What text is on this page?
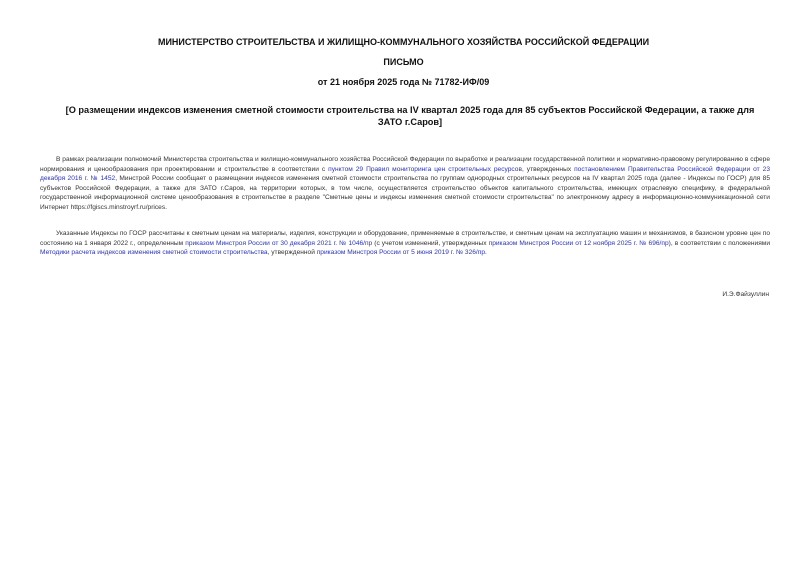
МИНИСТЕРСТВО СТРОИТЕЛЬСТВА И ЖИЛИЩНО-КОММУНАЛЬНОГО ХОЗЯЙСТВА РОССИЙСКОЙ ФЕДЕРАЦИИ
ПИСЬМО
от 21 ноября 2025 года № 71782-ИФ/09
[О размещении индексов изменения сметной стоимости строительства на IV квартал 2025 года для 85 субъектов Российской Федерации, а также для ЗАТО г.Саров]
В рамках реализации полномочий Министерства строительства и жилищно-коммунального хозяйства Российской Федерации по выработке и реализации государственной политики и нормативно-правовому регулированию в сфере нормирования и ценообразования при проектировании и строительстве в соответствии с пунктом 29 Правил мониторинга цен строительных ресурсов, утвержденных постановлением Правительства Российской Федерации от 23 декабря 2016 г. № 1452, Минстрой России сообщает о размещении индексов изменения сметной стоимости строительства по группам однородных строительных ресурсов на IV квартал 2025 года (далее - Индексы по ГОСР) для 85 субъектов Российской Федерации, а также для ЗАТО г.Саров, на территории которых, в том числе, осуществляется строительство объектов капитального строительства, имеющих отраслевую специфику, в федеральной государственной информационной системе ценообразования в строительстве в разделе "Сметные цены и индексы изменения сметной стоимости строительства" по электронному адресу в информационно-коммуникационной сети Интернет https://fgiscs.minstroyrf.ru/prices.
Указанные Индексы по ГОСР рассчитаны к сметным ценам на материалы, изделия, конструкции и оборудование, применяемые в строительстве, и сметным ценам на эксплуатацию машин и механизмов, в базисном уровне цен по состоянию на 1 января 2022 г., определенным приказом Минстроя России от 30 декабря 2021 г. № 1046/пр (с учетом изменений, утвержденных приказом Минстроя России от 12 ноября 2025 г. № 696/пр), в соответствии с положениями Методики расчета индексов изменения сметной стоимости строительства, утвержденной приказом Минстроя России от 5 июня 2019 г. № 326/пр.
И.Э.Файзуллин
